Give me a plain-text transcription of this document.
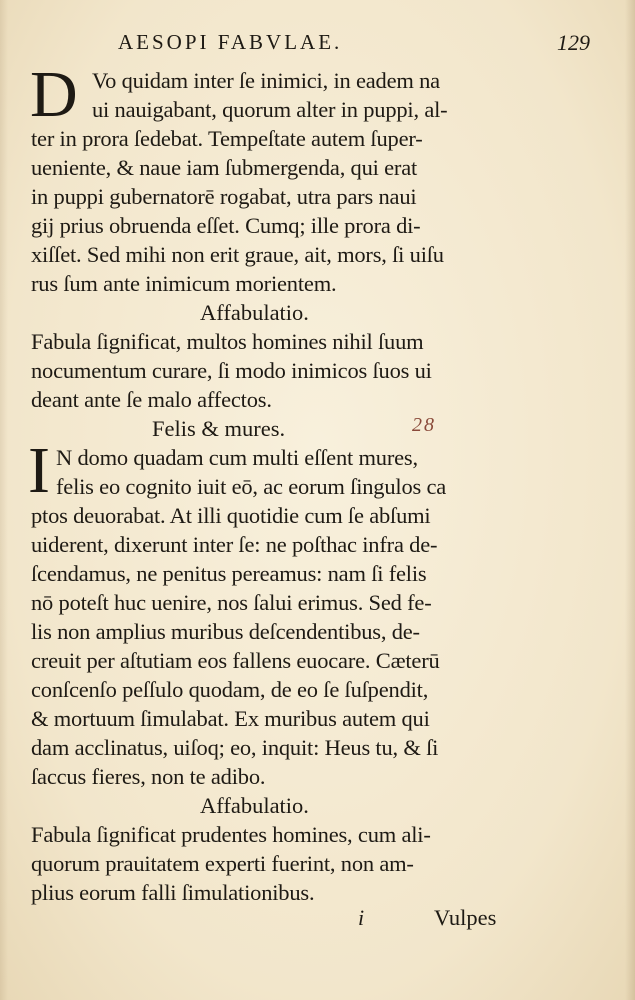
AESOPI FABVLAE.	129
D Vo quidam inter ſe inimici, in eadem na
ui nauigabant, quorum alter in puppi, al-
ter in prora ſedebat. Tempeſtate autem ſuper-
ueniente, & naue iam ſubmergenda, qui erat
in puppi gubernatorē rogabat, utra pars naui
gij prius obruenda eſſet. Cumq; ille prora di-
xiſſet. Sed mihi non erit graue, ait, mors, ſi uiſu
rus ſum ante inimicum morientem.
Affabulatio.
Fabula ſignificat, multos homines nihil ſuum
nocumentum curare, ſi modo inimicos ſuos ui
deant ante ſe malo affectos.
Felis & mures.	28
I N domo quadam cum multi eſſent mures,
felis eo cognito iuit eō, ac eorum ſingulos ca
ptos deuorabat. At illi quotidie cum ſe abſumi
uiderent, dixerunt inter ſe: ne poſthac infra de-
ſcendamus, ne penitus pereamus: nam ſi felis
nō poteſt huc uenire, nos ſalui erimus. Sed fe-
lis non amplius muribus deſcendentibus, de-
creuit per aſtutiam eos fallens euocare. Cæterū
conſcenſo peſſulo quodam, de eo ſe ſuſpendit,
& mortuum ſimulabat. Ex muribus autem qui
dam acclinatus, uiſoq; eo, inquit: Heus tu, & ſi
ſaccus fieres, non te adibo.
Affabulatio.
Fabula ſignificat prudentes homines, cum ali-
quorum prauitatem experti fuerint, non am-
plius eorum falli ſimulationibus.
i	Vulpes
